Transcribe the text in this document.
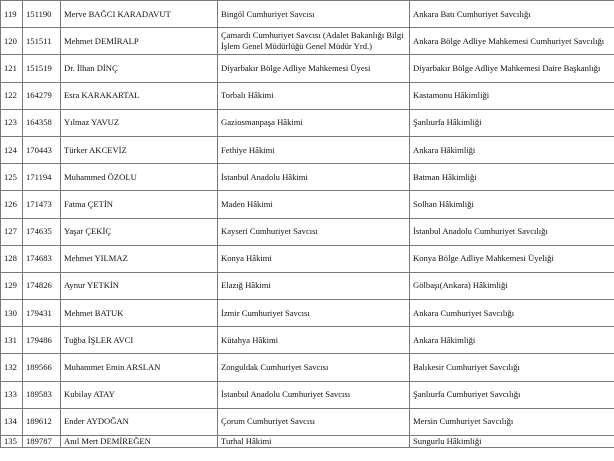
119	151190	Merve BAĞCI KARADAVUT	Bingöl Cumhuriyet Savcısı	Ankara Batı Cumhuriyet Savcılığı
120	151511	Mehmet DEMİRALP	Çamardı Cumhuriyet Savcısı (Adalet Bakanlığı Bilgi İşlem Genel Müdürlüğü Genel Müdür Yrd.)	Ankara Bölge Adliye Mahkemesi Cumhuriyet Savcılığı
121	151519	Dr. İlhan DİNÇ	Diyarbakır Bölge Adliye Mahkemesi Üyesi	Diyarbakır Bölge Adliye Mahkemesi Daire Başkanlığı
122	164279	Esra KARAKARTAL	Torbalı Hâkimi	Kastamonu Hâkimliği
123	164358	Yılmaz YAVUZ	Gaziosmanpaşa Hâkimi	Şanlıurfa Hâkimliği
124	170443	Türker AKCEVİZ	Fethiye Hâkimi	Ankara Hâkimliği
125	171194	Muhammed ÖZOLU	İstanbul Anadolu Hâkimi	Batman Hâkimliği
126	171473	Fatma ÇETİN	Maden Hâkimi	Solhan Hâkimliği
127	174635	Yaşar ÇEKİÇ	Kayseri Cumhuriyet Savcısı	İstanbul Anadolu Cumhuriyet Savcılığı
128	174683	Mehmet YILMAZ	Konya Hâkimi	Konya Bölge Adliye Mahkemesi Üyeliği
129	174826	Aynur YETKİN	Elazığ Hâkimi	Gölbaşı(Ankara) Hâkimliği
130	179431	Mehmet BATUK	İzmir Cumhuriyet Savcısı	Ankara Cumhuriyet Savcılığı
131	179486	Tuğba İŞLER AVCI	Kütahya Hâkimi	Ankara Hâkimliği
132	189566	Muhammet Emin ARSLAN	Zonguldak Cumhuriyet Savcısı	Balıkesir Cumhuriyet Savcılığı
133	189583	Kubilay ATAY	İstanbul Anadolu Cumhuriyet Savcısı	Şanlıurfa Cumhuriyet Savcılığı
134	189612	Ender AYDOĞAN	Çorum Cumhuriyet Savcısı	Mersin Cumhuriyet Savcılığı
135	189787	Anıl Mert DEMİREĞEN	Turhal Hâkimi	Sungurlu Hâkimliği
